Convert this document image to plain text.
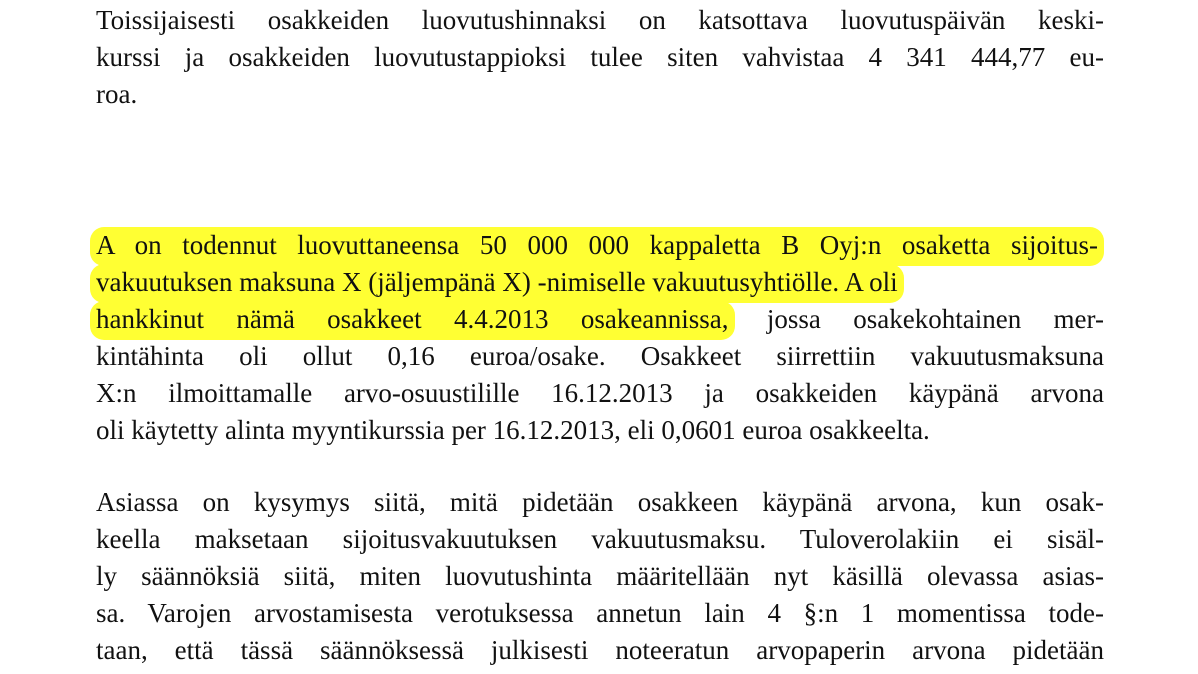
Toissijaisesti osakkeiden luovutushinnaksi on katsottava luovutuspäivän keski-
kurssi ja osakkeiden luovutustappioksi tulee siten vahvistaa 4 341 444,77 eu-
roa.
A on todennut luovuttaneensa 50 000 000 kappaletta B Oyj:n osaketta sijoitus-
vakuutuksen maksuna X (jäljempänä X) -nimiselle vakuutusyhtiölle. A oli
hankkinut nämä osakkeet 4.4.2013 osakeannissa, jossa osakekohtainen mer-
kintähinta oli ollut 0,16 euroa/osake. Osakkeet siirrettiin vakuutusmaksuna
X:n ilmoittamalle arvo-osuustilille 16.12.2013 ja osakkeiden käypänä arvona
oli käytetty alinta myyntikurssia per 16.12.2013, eli 0,0601 euroa osakkeelta.
Asiassa on kysymys siitä, mitä pidetään osakkeen käypänä arvona, kun osak-
keella maksetaan sijoitusvakuutuksen vakuutusmaksu. Tuloverolakiin ei sisäl-
ly säännöksiä siitä, miten luovutushinta määritellään nyt käsillä olevassa asias-
sa. Varojen arvostamisesta verotuksessa annetun lain 4 §:n 1 momentissa tode-
taan, että tässä säännöksessä julkisesti noteeratun arvopaperin arvona pidetään
